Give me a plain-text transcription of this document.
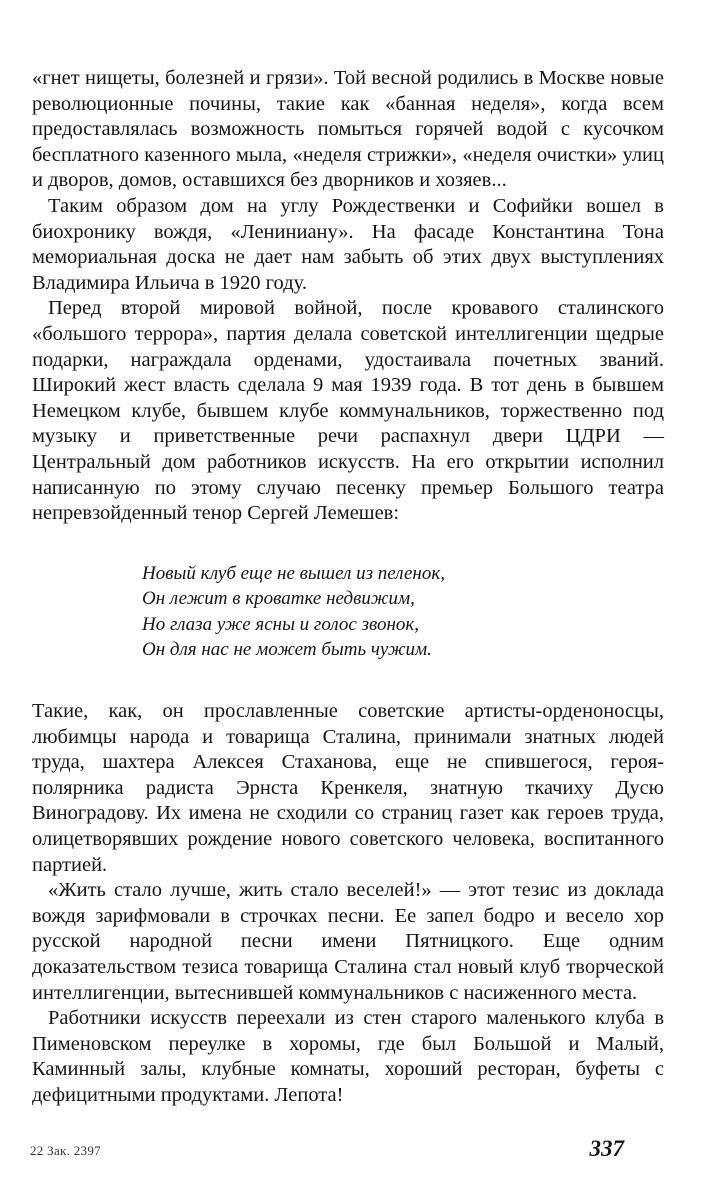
«гнет нищеты, болезней и грязи». Той весной родились в Москве новые революционные почины, такие как «банная неделя», когда всем предоставлялась возможность помыться горячей водой с кусочком бесплатного казенного мыла, «неделя стрижки», «неделя очистки» улиц и дворов, домов, оставшихся без дворников и хозяев...

Таким образом дом на углу Рождественки и Софийки вошел в биохронику вождя, «Лениниану». На фасаде Константина Тона мемориальная доска не дает нам забыть об этих двух выступлениях Владимира Ильича в 1920 году.

Перед второй мировой войной, после кровавого сталинского «большого террора», партия делала советской интеллигенции щедрые подарки, награждала орденами, удостаивала почетных званий. Широкий жест власть сделала 9 мая 1939 года. В тот день в бывшем Немецком клубе, бывшем клубе коммунальников, торжественно под музыку и приветственные речи распахнул двери ЦДРИ — Центральный дом работников искусств. На его открытии исполнил написанную по этому случаю песенку премьер Большого театра непревзойденный тенор Сергей Лемешев:

Новый клуб еще не вышел из пеленок,
Он лежит в кроватке недвижим,
Но глаза уже ясны и голос звонок,
Он для нас не может быть чужим.

Такие, как, он прославленные советские артисты-орденоносцы, любимцы народа и товарища Сталина, принимали знатных людей труда, шахтера Алексея Стаханова, еще не спившегося, героя-полярника радиста Эрнста Кренкеля, знатную ткачиху Дусю Виноградову. Их имена не сходили со страниц газет как героев труда, олицетворявших рождение нового советского человека, воспитанного партией.

«Жить стало лучше, жить стало веселей!» — этот тезис из доклада вождя зарифмовали в строчках песни. Ее запел бодро и весело хор русской народной песни имени Пятницкого. Еще одним доказательством тезиса товарища Сталина стал новый клуб творческой интеллигенции, вытеснившей коммунальников с насиженного места.

Работники искусств переехали из стен старого маленького клуба в Пименовском переулке в хоромы, где был Большой и Малый, Каминный залы, клубные комнаты, хороший ресторан, буфеты с дефицитными продуктами. Лепота!

22 Зак. 2397	337
